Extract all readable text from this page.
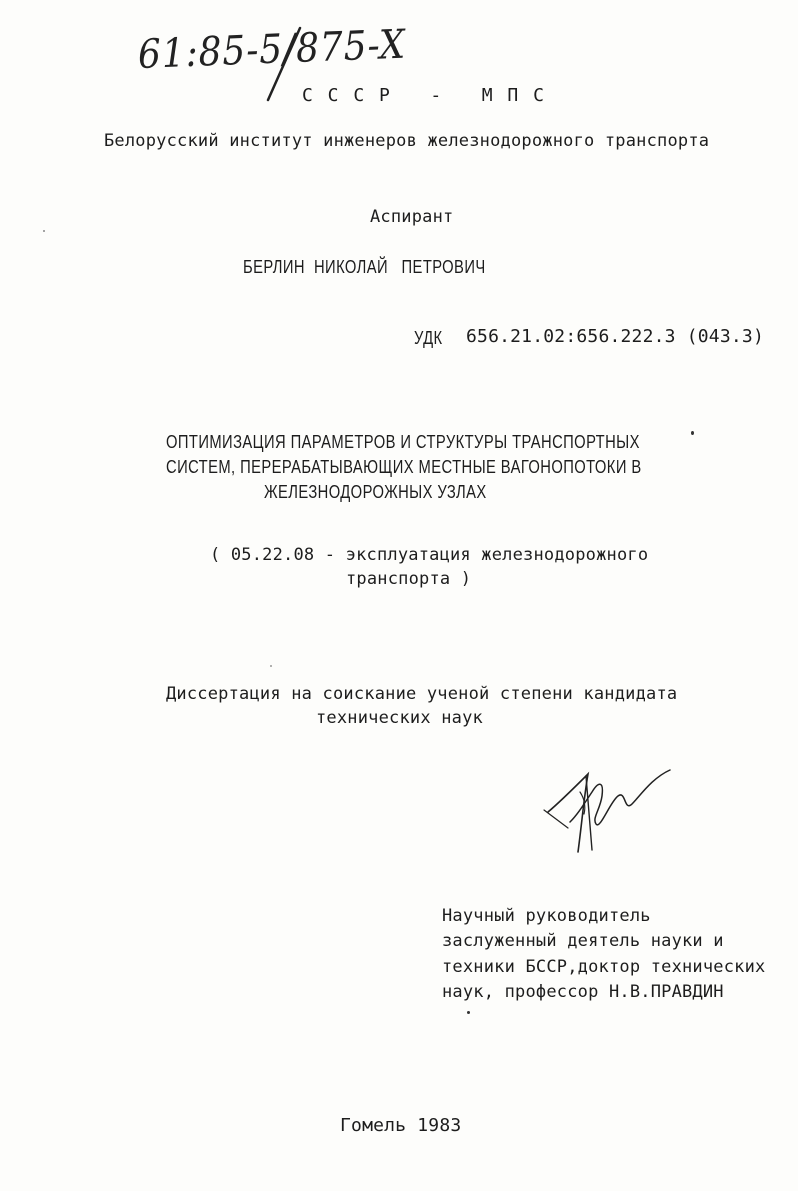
61:85-5/875-X
С С С Р   -   М П С
Белорусский институт инженеров железнодорожного транспорта
Аспирант
БЕРЛИН  НИКОЛАЙ   ПЕТРОВИЧ
УДК 656.21.02:656.222.3 (043.3)
ОПТИМИЗАЦИЯ ПАРАМЕТРОВ И СТРУКТУРЫ ТРАНСПОРТНЫХ
СИСТЕМ, ПЕРЕРАБАТЫВАЮЩИХ МЕСТНЫЕ ВАГОНОПОТОКИ В
ЖЕЛЕЗНОДОРОЖНЫХ УЗЛАХ
( 05.22.08 - эксплуатация железнодорожного
транспорта )
Диссертация на соискание ученой степени кандидата
технических наук
Научный руководитель
заслуженный деятель науки и
техники БССР,доктор технических
наук, профессор Н.В.ПРАВДИН
Гомель 1983
